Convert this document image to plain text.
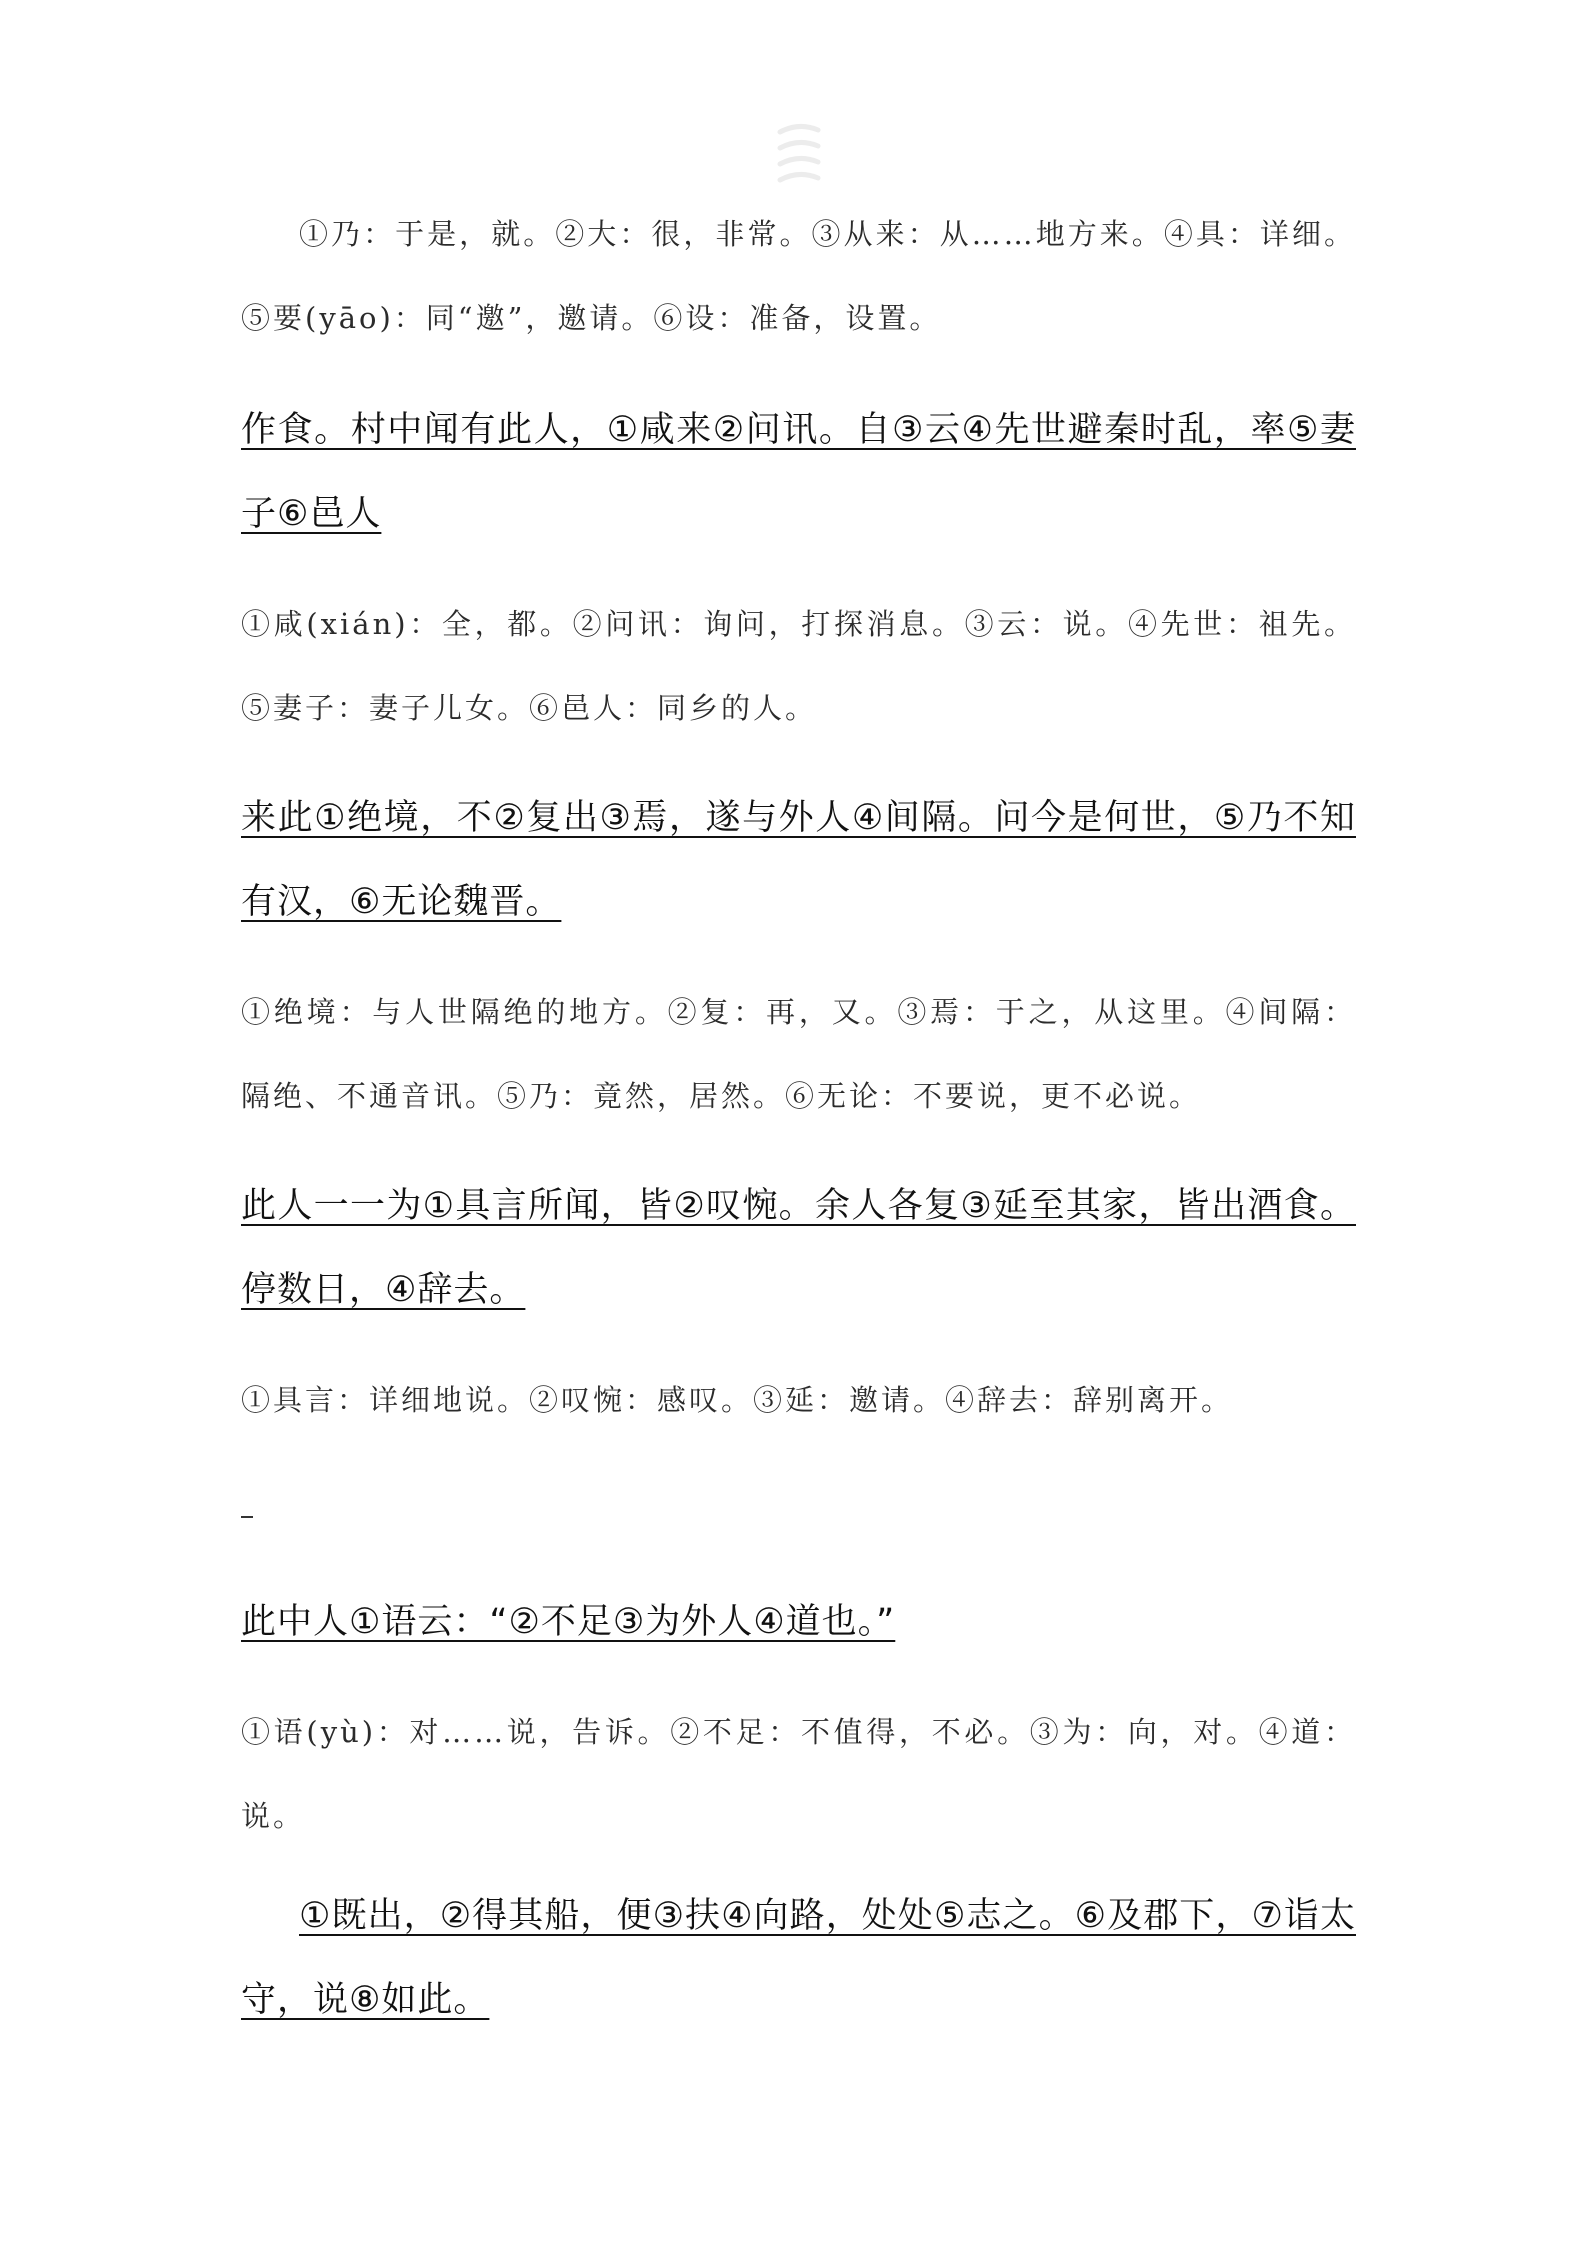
①乃：于是，就。②大：很，非常。③从来：从……地方来。④具：详细。⑤要(yāo)：同“邀”，邀请。⑥设：准备，设置。

作食。村中闻有此人，①咸来②问讯。自③云④先世避秦时乱，率⑤妻子⑥邑人

①咸(xián)：全，都。②问讯：询问，打探消息。③云：说。④先世：祖先。⑤妻子：妻子儿女。⑥邑人：同乡的人。

来此①绝境，不②复出③焉，遂与外人④间隔。问今是何世，⑤乃不知有汉，⑥无论魏晋。

①绝境：与人世隔绝的地方。②复：再，又。③焉：于之，从这里。④间隔：隔绝、不通音讯。⑤乃：竟然，居然。⑥无论：不要说，更不必说。

此人一一为①具言所闻，皆②叹惋。余人各复③延至其家，皆出酒食。停数日，④辞去。

①具言：详细地说。②叹惋：感叹。③延：邀请。④辞去：辞别离开。

此中人①语云：“②不足③为外人④道也。”

①语(yù)：对……说，告诉。②不足：不值得，不必。③为：向，对。④道：说。

①既出，②得其船，便③扶④向路，处处⑤志之。⑥及郡下，⑦诣太守，说⑧如此。
